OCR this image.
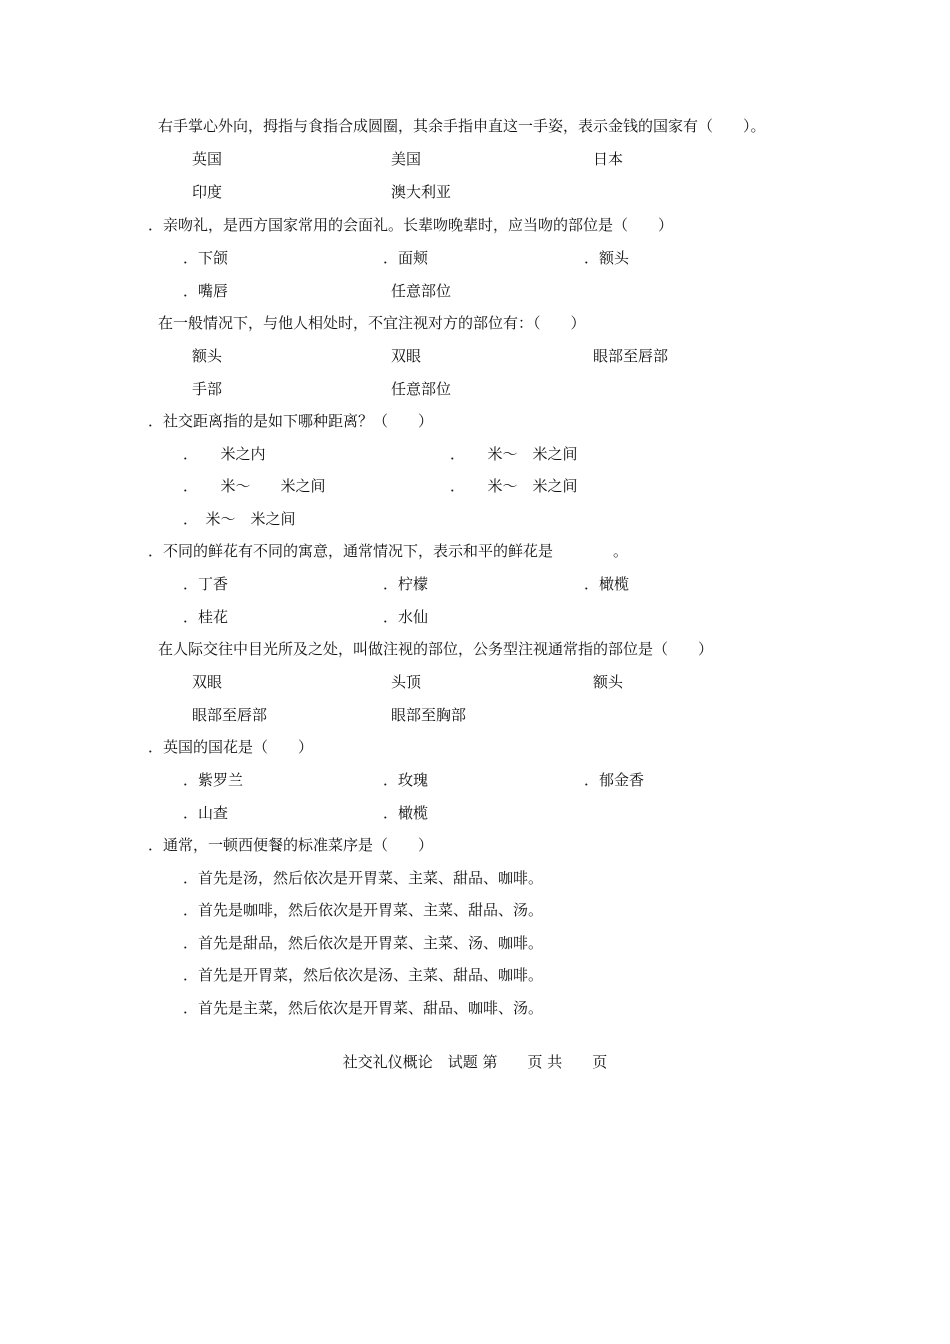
右手掌心外向，拇指与食指合成圆圈，其余手指申直这一手姿，表示金钱的国家有（　　）。
英国	美国	日本
印度	澳大利亚
．亲吻礼，是西方国家常用的会面礼。长辈吻晚辈时，应当吻的部位是（　　）
．下颌	．面颊	．额头
．嘴唇	任意部位
在一般情况下，与他人相处时，不宜注视对方的部位有：（　　）
额头	双眼	眼部至唇部
手部	任意部位
．社交距离指的是如下哪种距离？（　　）
．　　米之内	．　　米～　米之间
．　　米～　　米之间	．　　米～　米之间
．　米～　米之间
．不同的鲜花有不同的寓意，通常情况下，表示和平的鲜花是　　　　。
．丁香	．柠檬	．橄榄
．桂花	．水仙
在人际交往中目光所及之处，叫做注视的部位，公务型注视通常指的部位是（　　）
双眼	头顶	额头
眼部至唇部	眼部至胸部
．英国的国花是（　　）
．紫罗兰	．玫瑰	．郁金香
．山查	．橄榄
．通常，一顿西便餐的标准菜序是（　　）
．首先是汤，然后依次是开胃菜、主菜、甜品、咖啡。
．首先是咖啡，然后依次是开胃菜、主菜、甜品、汤。
．首先是甜品，然后依次是开胃菜、主菜、汤、咖啡。
．首先是开胃菜，然后依次是汤、主菜、甜品、咖啡。
．首先是主菜，然后依次是开胃菜、甜品、咖啡、汤。
社交礼仪概论　试题 第　　页 共　　页
